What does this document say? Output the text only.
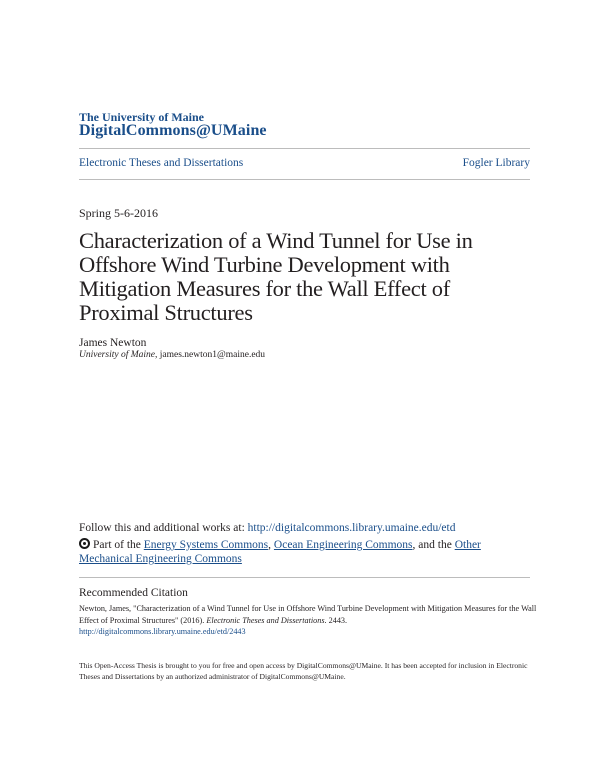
The University of Maine
DigitalCommons@UMaine
Electronic Theses and Dissertations	Fogler Library
Spring 5-6-2016
Characterization of a Wind Tunnel for Use in Offshore Wind Turbine Development with Mitigation Measures for the Wall Effect of Proximal Structures
James Newton
University of Maine, james.newton1@maine.edu
Follow this and additional works at: http://digitalcommons.library.umaine.edu/etd
Part of the Energy Systems Commons, Ocean Engineering Commons, and the Other Mechanical Engineering Commons
Recommended Citation
Newton, James, "Characterization of a Wind Tunnel for Use in Offshore Wind Turbine Development with Mitigation Measures for the Wall Effect of Proximal Structures" (2016). Electronic Theses and Dissertations. 2443.
http://digitalcommons.library.umaine.edu/etd/2443
This Open-Access Thesis is brought to you for free and open access by DigitalCommons@UMaine. It has been accepted for inclusion in Electronic Theses and Dissertations by an authorized administrator of DigitalCommons@UMaine.
